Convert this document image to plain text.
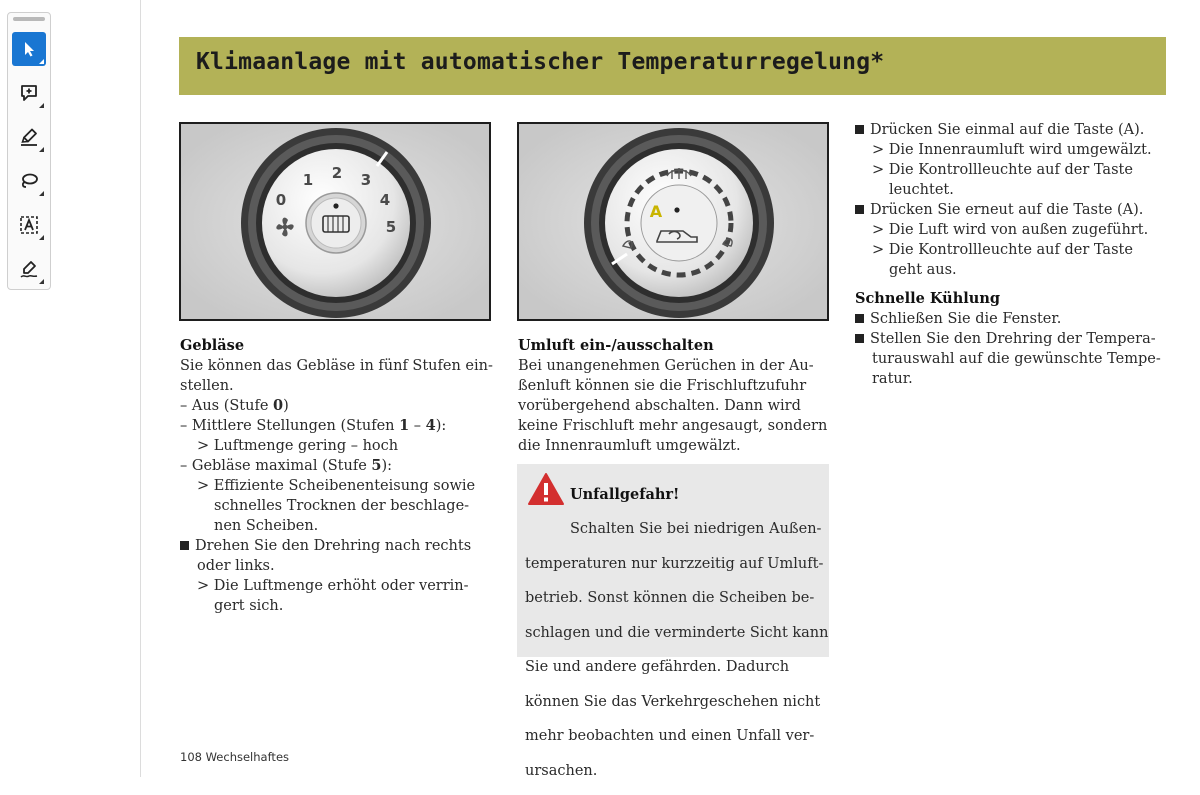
Klimaanlage mit automatischer Temperaturregelung*
0
1 2 3
4
5
A

Gebläse

Sie können das Gebläse in fünf Stufen ein-

stellen.

– Aus (Stufe 0)

– Mittlere Stellungen (Stufen 1 – 4):

> Luftmenge gering – hoch

– Gebläse maximal (Stufe 5):

> Effiziente Scheibenenteisung sowie

schnelles Trocknen der beschlage-

nen Scheiben.

Drehen Sie den Drehring nach rechts

oder links.

> Die Luftmenge erhöht oder verrin-

gert sich.

Umluft ein-/ausschalten

Bei unangenehmen Gerüchen in der Au-

ßenluft können sie die Frischluftzufuhr

vorübergehend abschalten. Dann wird

keine Frischluft mehr angesaugt, sondern

die Innenraumluft umgewälzt.

Unfallgefahr!

Schalten Sie bei niedrigen Außen-

temperaturen nur kurzzeitig auf Umluft-

betrieb. Sonst können die Scheiben be-

schlagen und die verminderte Sicht kann

Sie und andere gefährden. Dadurch

können Sie das Verkehrgeschehen nicht

mehr beobachten und einen Unfall ver-

ursachen.

Drücken Sie einmal auf die Taste (A).

> Die Innenraumluft wird umgewälzt.

> Die Kontrollleuchte auf der Taste

leuchtet.

Drücken Sie erneut auf die Taste (A).

> Die Luft wird von außen zugeführt.

> Die Kontrollleuchte auf der Taste

geht aus.

Schnelle Kühlung

Schließen Sie die Fenster.

Stellen Sie den Drehring der Tempera-

turauswahl auf die gewünschte Tempe-

ratur.

108 Wechselhaftes
